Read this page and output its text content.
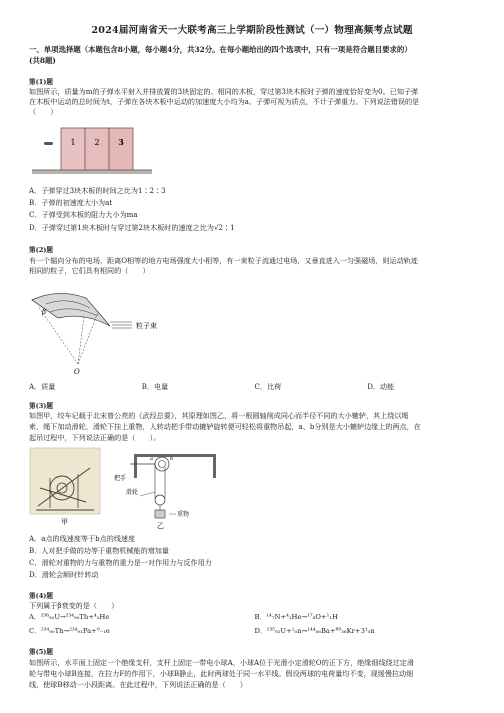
2024届河南省天一大联考高三上学期阶段性测试（一）物理高频考点试题
一、单项选择题（本题包含8小题，每小题4分，共32分。在每小题给出的四个选项中，只有一项是符合题目要求的）
(共8题)
第(1)题
如图所示，质量为m的子弹水平射入并排放置的3块固定的、相同的木板，穿过第3块木板时子弹的速度恰好变为0。已知子弹
在木板中运动的总时间为t，子弹在各块木板中运动的加速度大小均为a。子弹可视为质点，不计子弹重力。下列说法错误的是
（　　）
1 2 3
A．子弹穿过3块木板的时间之比为1∶2∶3
B．子弹的初速度大小为at
C．子弹受到木板的阻力大小为ma
D．子弹穿过第1块木板时与穿过第2块木板时的速度之比为√2∶1
第(2)题
有一个辐向分布的电场，距离O相等的地方电场强度大小相等，有一束粒子流通过电场，又垂直进入一匀强磁场，则运动轨迹
相同的粒子，它们具有相同的（　　）
β
粒子束
O
A．质量	B．电量	C．比荷	D．动能
第(3)题
如图甲，绞车记载于北宋曾公亮的《武经总要》，其原理如图乙，将一根圆轴削成同心而半径不同的大小辘轳，其上绕以绳
索，绳下加动滑轮，滑轮下挂上重物，人转动把手带动辘轳旋转便可轻松将重物吊起，a、b分别是大小辘轳边缘上的两点，在
起吊过程中，下列说法正确的是（　　）。
甲
把手
滑轮
重物
a	b
乙
A．a点的线速度等于b点的线速度
B．人对把手做的功等于重物机械能的增加量
C．滑轮对重物的力与重物的重力是一对作用力与反作用力
D．滑轮会顺时针转动
第(4)题
下列属于β衰变的是（　　）
A．²³⁸₉₂U→²³⁴₉₀Th+⁴₂He	B．¹⁴₇N+⁴₂He→¹⁷₈O+¹₁H
C．²³⁴₉₀Th→²³⁴₉₁Pa+⁰₋₁e	D．²³⁵₉₂U+¹₀n→¹⁴⁴₅₆Ba+⁸⁹₃₆Kr+3¹₀n
第(5)题
如图所示，水平面上固定一个绝缘支杆，支杆上固定一带电小球A，小球A位于光滑小定滑轮O的正下方，绝缘细线绕过定滑
轮与带电小球B连接，在拉力F的作用下，小球B静止，此时两球处于同一水平线。假设两球的电荷量均不变，现缓慢拉动细
线，使球B移动一小段距离。在此过程中，下列说法正确的是（　　）
